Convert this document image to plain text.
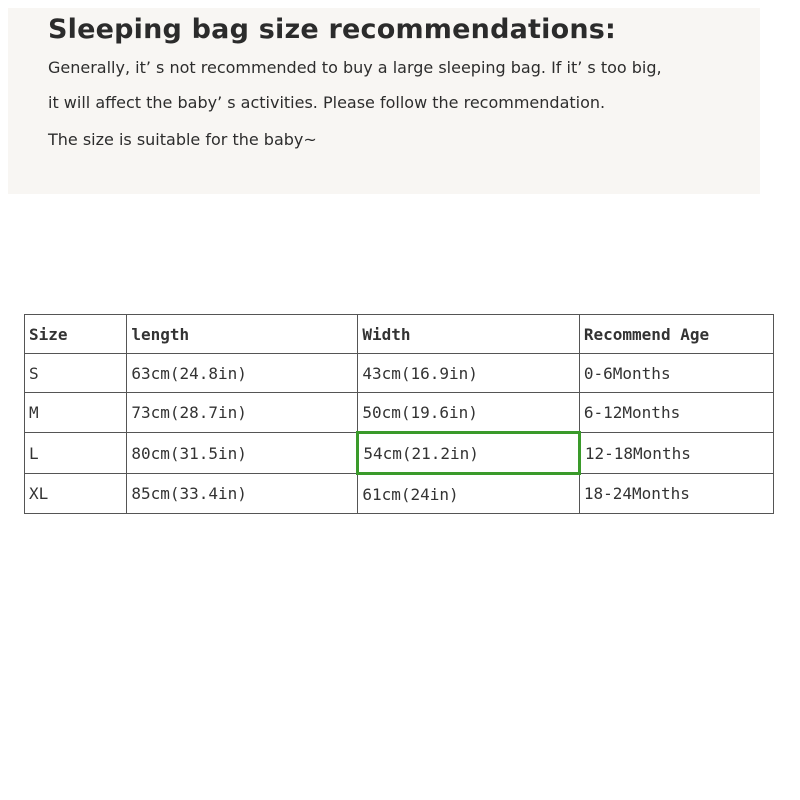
Sleeping bag size recommendations:
Generally, it’ s not recommended to buy a large sleeping bag. If it’ s too big,
it will affect the baby’ s activities. Please follow the recommendation.
The size is suitable for the baby~
Size	length	Width	Recommend Age
S	63cm(24.8in)	43cm(16.9in)	0-6Months
M	73cm(28.7in)	50cm(19.6in)	6-12Months
L	80cm(31.5in)	54cm(21.2in)	12-18Months
XL	85cm(33.4in)	61cm(24in)	18-24Months
